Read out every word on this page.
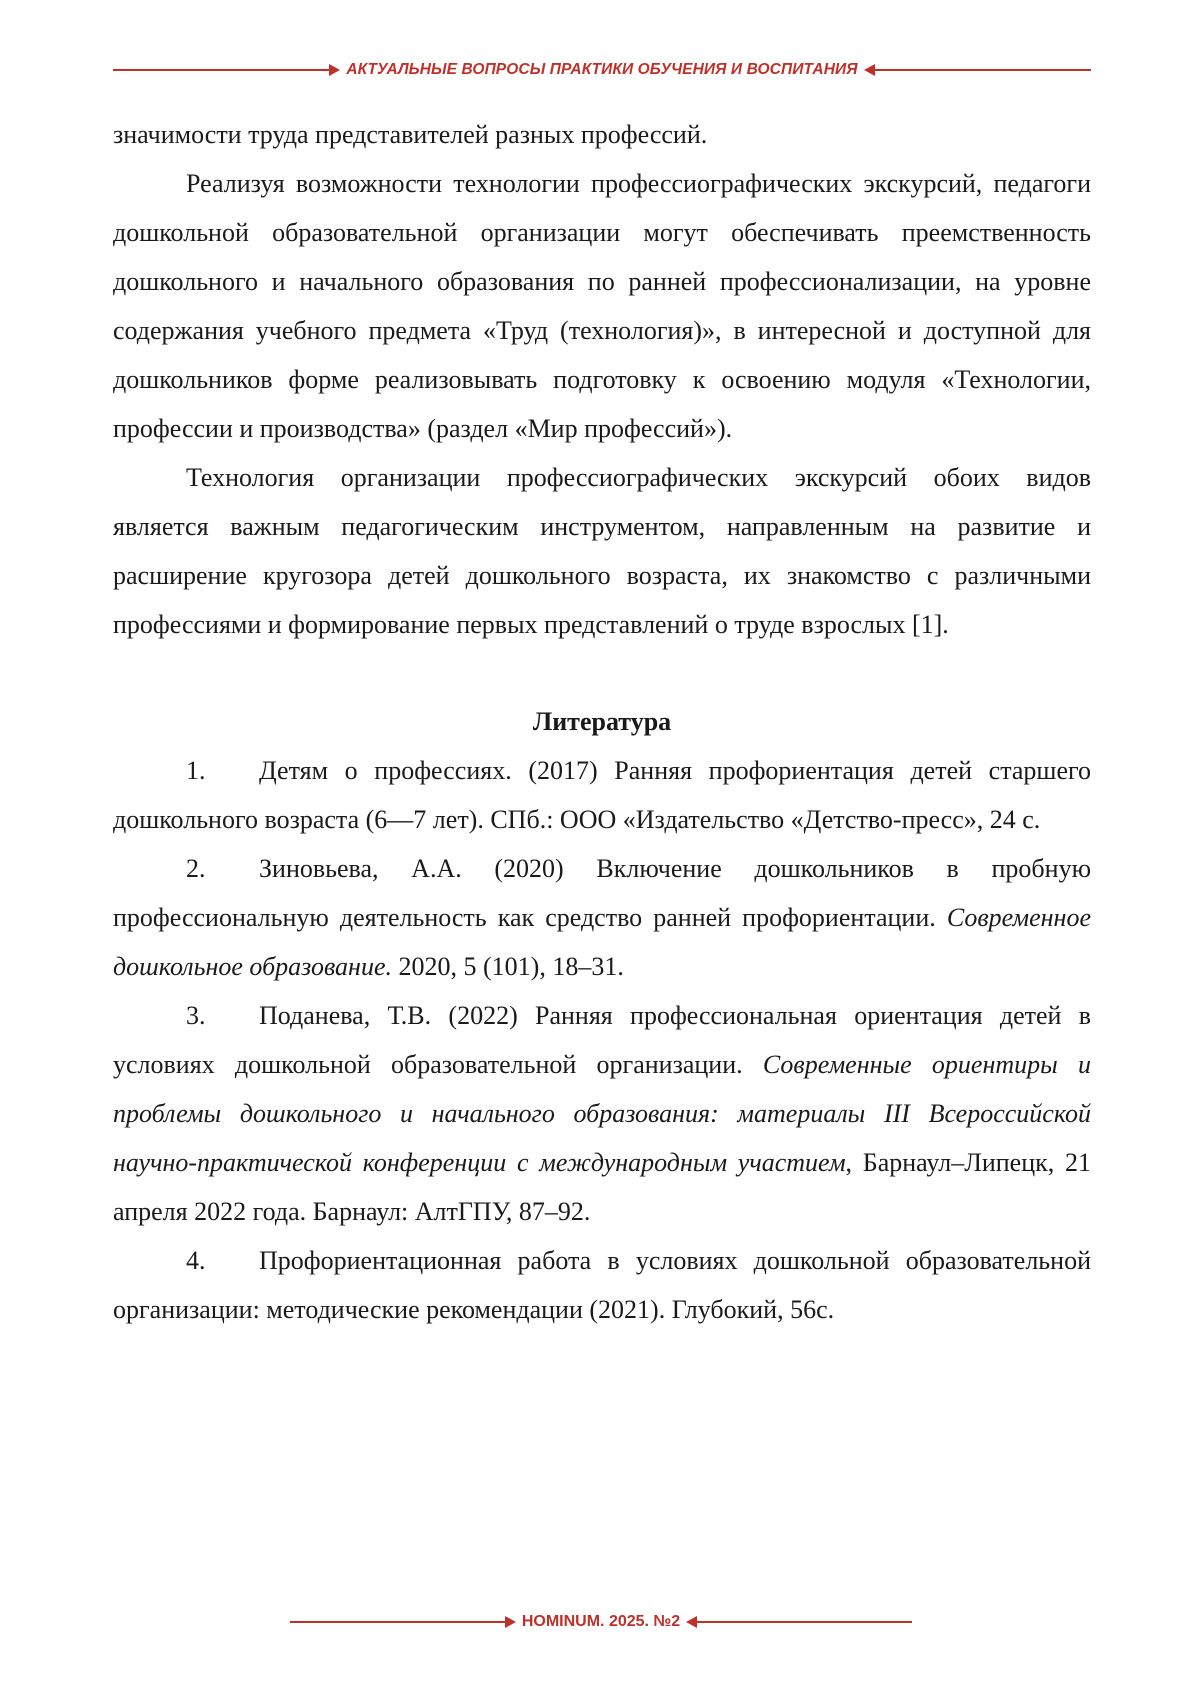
АКТУАЛЬНЫЕ ВОПРОСЫ ПРАКТИКИ ОБУЧЕНИЯ И ВОСПИТАНИЯ

значимости труда представителей разных профессий.

Реализуя возможности технологии профессиографических экскурсий, педагоги дошкольной образовательной организации могут обеспечивать преемственность дошкольного и начального образования по ранней профессионализации, на уровне содержания учебного предмета «Труд (технология)», в интересной и доступной для дошкольников форме реализовывать подготовку к освоению модуля «Технологии, профессии и производства» (раздел «Мир профессий»).

Технология организации профессиографических экскурсий обоих видов является важным педагогическим инструментом, направленным на развитие и расширение кругозора детей дошкольного возраста, их знакомство с различными профессиями и формирование первых представлений о труде взрослых [1].

Литература

1. Детям о профессиях. (2017) Ранняя профориентация детей старшего дошкольного возраста (6—7 лет). СПб.: ООО «Издательство «Детство-пресс», 24 с.

2. Зиновьева, А.А. (2020) Включение дошкольников в пробную профессиональную деятельность как средство ранней профориентации. Современное дошкольное образование. 2020, 5 (101), 18–31.

3. Поданева, Т.В. (2022) Ранняя профессиональная ориентация детей в условиях дошкольной образовательной организации. Современные ориентиры и проблемы дошкольного и начального образования: материалы III Всероссийской научно-практической конференции с международным участием, Барнаул–Липецк, 21 апреля 2022 года. Барнаул: АлтГПУ, 87–92.

4. Профориентационная работа в условиях дошкольной образовательной организации: методические рекомендации (2021). Глубокий, 56с.

HOMINUM. 2025. №2
